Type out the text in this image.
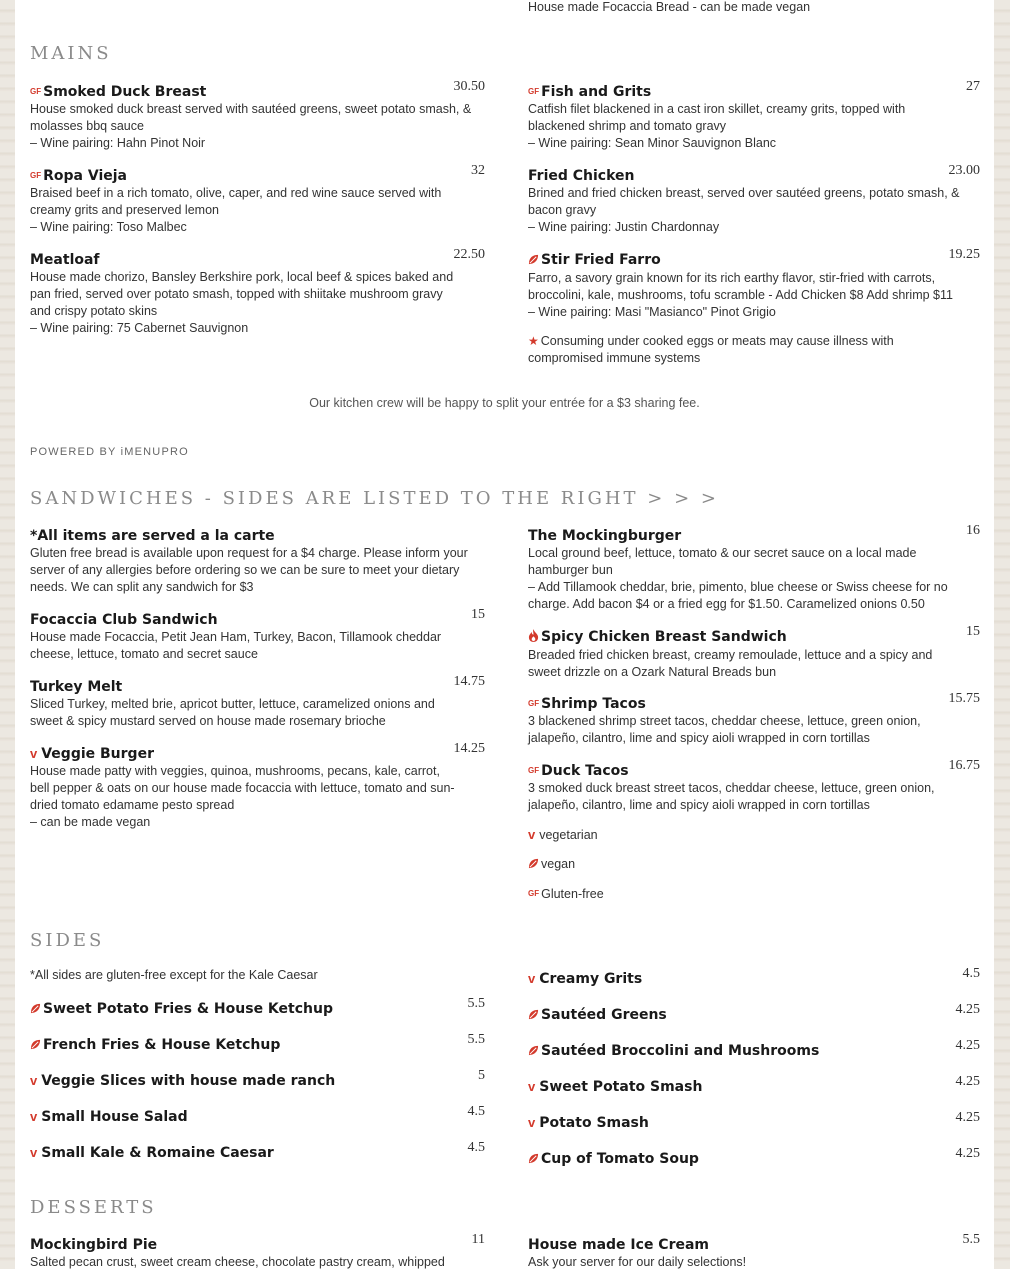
House made Focaccia Bread - can be made vegan
MAINS
GF Smoked Duck Breast	30.50
House smoked duck breast served with sautéed greens, sweet potato smash, &
molasses bbq sauce
– Wine pairing: Hahn Pinot Noir
GF Ropa Vieja	32
Braised beef in a rich tomato, olive, caper, and red wine sauce served with
creamy grits and preserved lemon
– Wine pairing: Toso Malbec
Meatloaf	22.50
House made chorizo, Bansley Berkshire pork, local beef & spices baked and
pan fried, served over potato smash, topped with shiitake mushroom gravy
and crispy potato skins
– Wine pairing: 75 Cabernet Sauvignon
GF Fish and Grits	27
Catfish filet blackened in a cast iron skillet, creamy grits, topped with
blackened shrimp and tomato gravy
– Wine pairing: Sean Minor Sauvignon Blanc
Fried Chicken	23.00
Brined and fried chicken breast, served over sautéed greens, potato smash, &
bacon gravy
– Wine pairing: Justin Chardonnay
Stir Fried Farro	19.25
Farro, a savory grain known for its rich earthy flavor, stir-fried with carrots,
broccolini, kale, mushrooms, tofu scramble - Add Chicken $8 Add shrimp $11
– Wine pairing: Masi "Masianco" Pinot Grigio
★ Consuming under cooked eggs or meats may cause illness with
compromised immune systems
Our kitchen crew will be happy to split your entrée for a $3 sharing fee.
POWERED BY iMENUPRO
SANDWICHES - SIDES ARE LISTED TO THE RIGHT > > >
*All items are served a la carte
Gluten free bread is available upon request for a $4 charge. Please inform your
server of any allergies before ordering so we can be sure to meet your dietary
needs. We can split any sandwich for $3
Focaccia Club Sandwich	15
House made Focaccia, Petit Jean Ham, Turkey, Bacon, Tillamook cheddar
cheese, lettuce, tomato and secret sauce
Turkey Melt	14.75
Sliced Turkey, melted brie, apricot butter, lettuce, caramelized onions and
sweet & spicy mustard served on house made rosemary brioche
v Veggie Burger	14.25
House made patty with veggies, quinoa, mushrooms, pecans, kale, carrot,
bell pepper & oats on our house made focaccia with lettuce, tomato and sun-
dried tomato edamame pesto spread
– can be made vegan
The Mockingburger	16
Local ground beef, lettuce, tomato & our secret sauce on a local made
hamburger bun
– Add Tillamook cheddar, brie, pimento, blue cheese or Swiss cheese for no
charge. Add bacon $4 or a fried egg for $1.50. Caramelized onions 0.50
Spicy Chicken Breast Sandwich	15
Breaded fried chicken breast, creamy remoulade, lettuce and a spicy and
sweet drizzle on a Ozark Natural Breads bun
GF Shrimp Tacos	15.75
3 blackened shrimp street tacos, cheddar cheese, lettuce, green onion,
jalapeño, cilantro, lime and spicy aioli wrapped in corn tortillas
GF Duck Tacos	16.75
3 smoked duck breast street tacos, cheddar cheese, lettuce, green onion,
jalapeño, cilantro, lime and spicy aioli wrapped in corn tortillas
v vegetarian
vegan
GF Gluten-free
SIDES
*All sides are gluten-free except for the Kale Caesar
Sweet Potato Fries & House Ketchup	5.5
French Fries & House Ketchup	5.5
v Veggie Slices with house made ranch	5
v Small House Salad	4.5
v Small Kale & Romaine Caesar	4.5
v Creamy Grits	4.5
Sautéed Greens	4.25
Sautéed Broccolini and Mushrooms	4.25
v Sweet Potato Smash	4.25
v Potato Smash	4.25
Cup of Tomato Soup	4.25
DESSERTS
Mockingbird Pie	11
Salted pecan crust, sweet cream cheese, chocolate pastry cream, whipped
House made Ice Cream	5.5
Ask your server for our daily selections!
